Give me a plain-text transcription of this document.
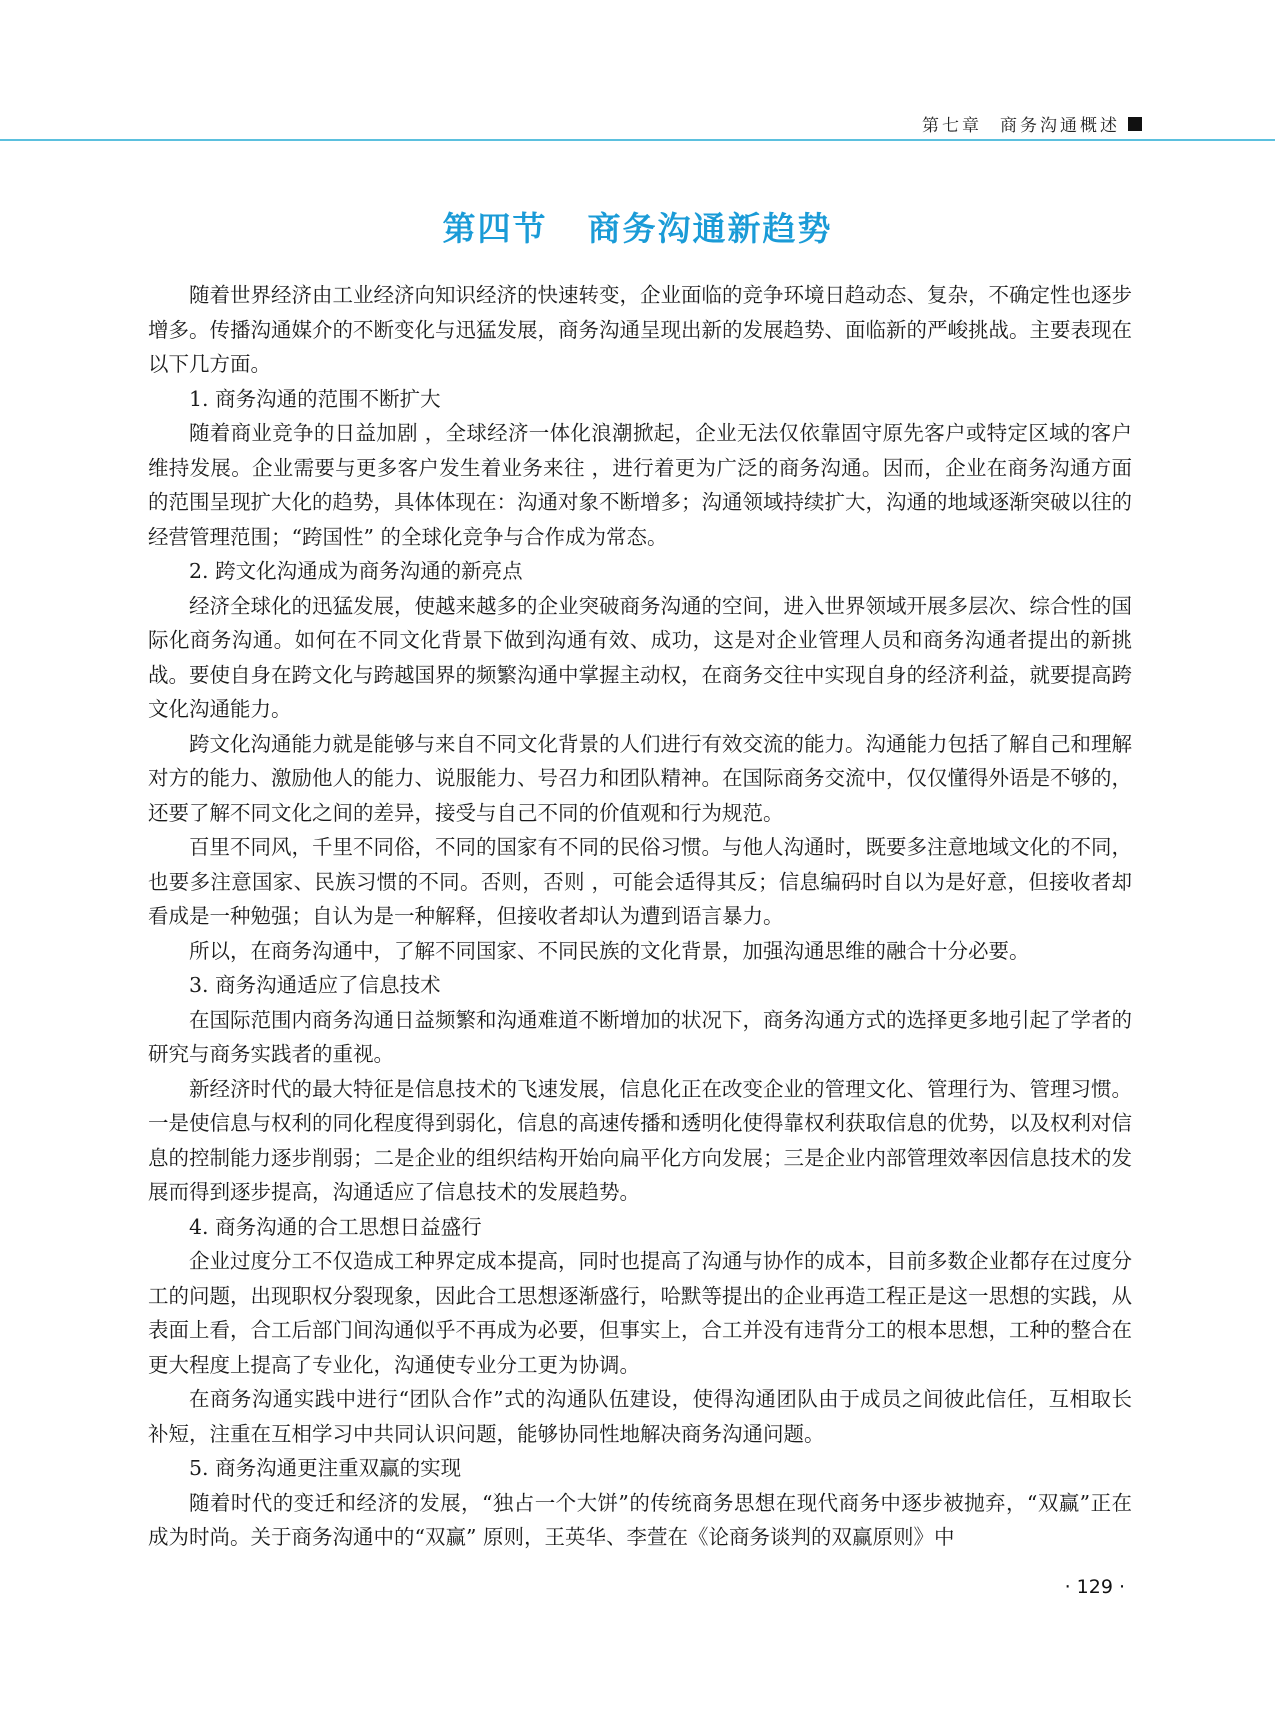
第七章 商务沟通概述
第四节 商务沟通新趋势

随着世界经济由工业经济向知识经济的快速转变，企业面临的竞争环境日趋动态、复杂，不确定性也逐步增多。传播沟通媒介的不断变化与迅猛发展，商务沟通呈现出新的发展趋势、面临新的严峻挑战。主要表现在以下几方面。

1. 商务沟通的范围不断扩大

随着商业竞争的日益加剧 ，全球经济一体化浪潮掀起，企业无法仅依靠固守原先客户或特定区域的客户维持发展。企业需要与更多客户发生着业务来往 ，进行着更为广泛的商务沟通。因而，企业在商务沟通方面的范围呈现扩大化的趋势，具体体现在：沟通对象不断增多；沟通领域持续扩大，沟通的地域逐渐突破以往的经营管理范围；“跨国性” 的全球化竞争与合作成为常态。

2. 跨文化沟通成为商务沟通的新亮点

经济全球化的迅猛发展，使越来越多的企业突破商务沟通的空间，进入世界领域开展多层次、综合性的国际化商务沟通。如何在不同文化背景下做到沟通有效、成功，这是对企业管理人员和商务沟通者提出的新挑战。要使自身在跨文化与跨越国界的频繁沟通中掌握主动权，在商务交往中实现自身的经济利益，就要提高跨文化沟通能力。

跨文化沟通能力就是能够与来自不同文化背景的人们进行有效交流的能力。沟通能力包括了解自己和理解对方的能力、激励他人的能力、说服能力、号召力和团队精神。在国际商务交流中，仅仅懂得外语是不够的，还要了解不同文化之间的差异，接受与自己不同的价值观和行为规范。

百里不同风，千里不同俗，不同的国家有不同的民俗习惯。与他人沟通时，既要多注意地域文化的不同，也要多注意国家、民族习惯的不同。否则，否则 ，可能会适得其反；信息编码时自以为是好意，但接收者却看成是一种勉强；自认为是一种解释，但接收者却认为遭到语言暴力。

所以，在商务沟通中，了解不同国家、不同民族的文化背景，加强沟通思维的融合十分必要。

3. 商务沟通适应了信息技术

在国际范围内商务沟通日益频繁和沟通难道不断增加的状况下，商务沟通方式的选择更多地引起了学者的研究与商务实践者的重视。

新经济时代的最大特征是信息技术的飞速发展，信息化正在改变企业的管理文化、管理行为、管理习惯。一是使信息与权利的同化程度得到弱化，信息的高速传播和透明化使得靠权利获取信息的优势，以及权利对信息的控制能力逐步削弱；二是企业的组织结构开始向扁平化方向发展；三是企业内部管理效率因信息技术的发展而得到逐步提高，沟通适应了信息技术的发展趋势。

4. 商务沟通的合工思想日益盛行

企业过度分工不仅造成工种界定成本提高，同时也提高了沟通与协作的成本，目前多数企业都存在过度分工的问题，出现职权分裂现象，因此合工思想逐渐盛行，哈默等提出的企业再造工程正是这一思想的实践，从表面上看，合工后部门间沟通似乎不再成为必要，但事实上，合工并没有违背分工的根本思想，工种的整合在更大程度上提高了专业化，沟通使专业分工更为协调。

在商务沟通实践中进行“团队合作”式的沟通队伍建设，使得沟通团队由于成员之间彼此信任，互相取长补短，注重在互相学习中共同认识问题，能够协同性地解决商务沟通问题。

5. 商务沟通更注重双赢的实现

随着时代的变迁和经济的发展，“独占一个大饼”的传统商务思想在现代商务中逐步被抛弃，“双赢”正在成为时尚。关于商务沟通中的“双赢” 原则，王英华、李萱在《论商务谈判的双赢原则》中

· 129 ·
